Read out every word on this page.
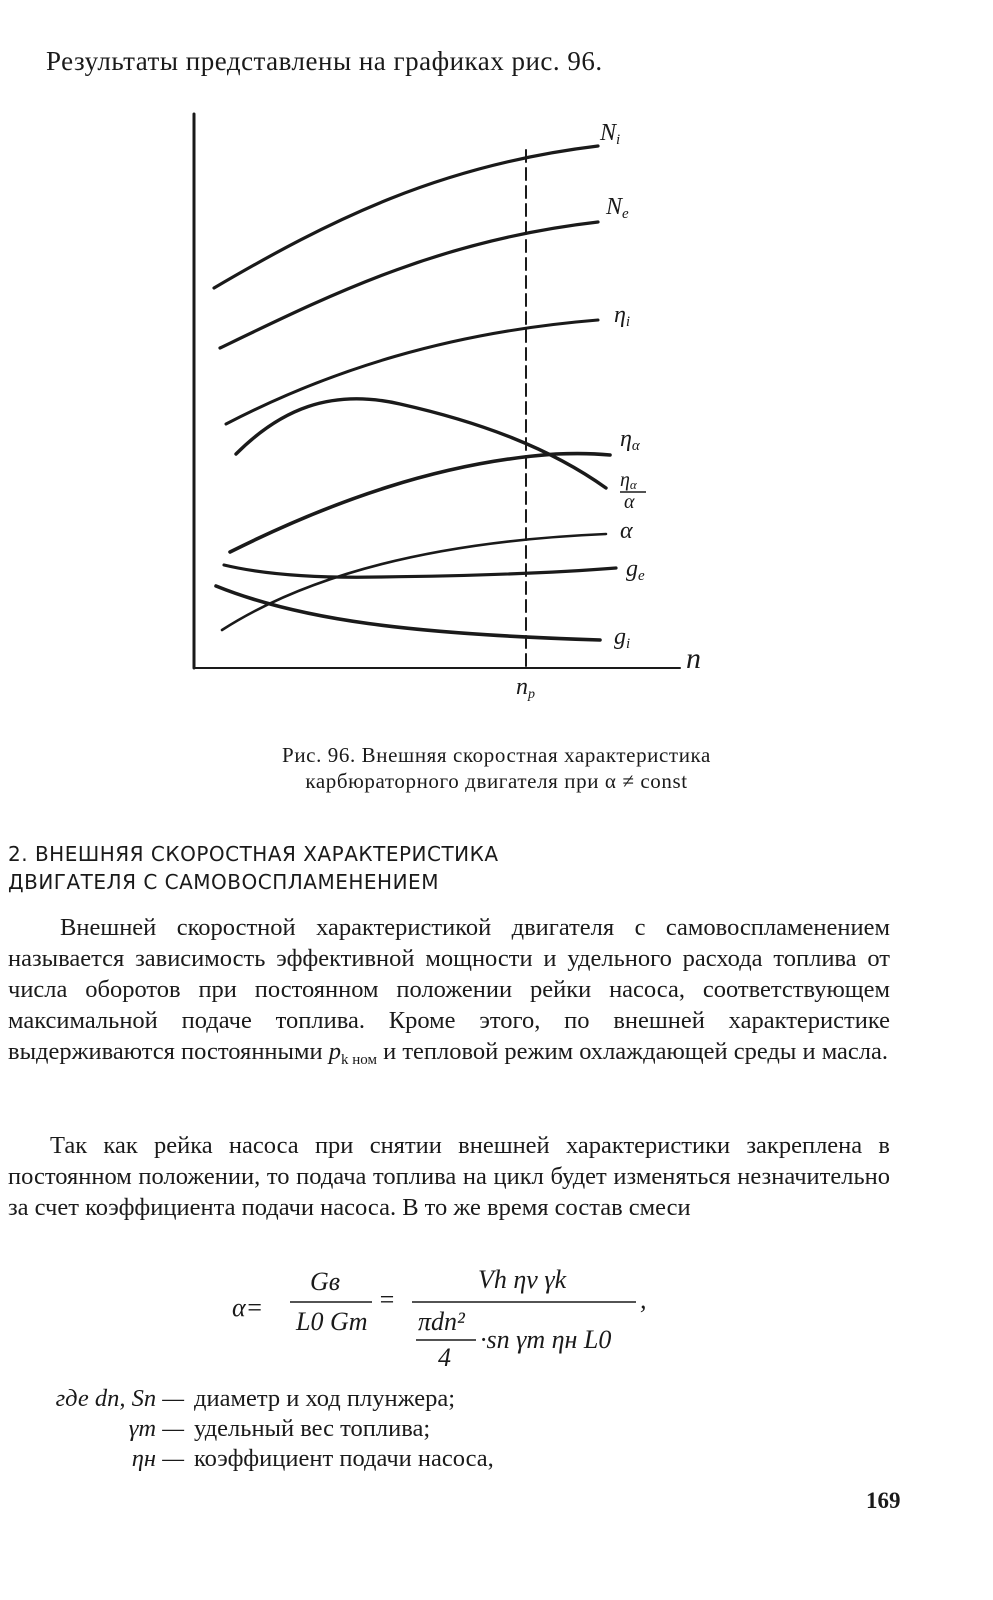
Результаты представлены на графиках рис. 96.
Ni
Ne
ηi
ηα
ηα
α
α
ge
gi n
np
Рис. 96. Внешняя скоростная характеристика
карбюраторного двигателя при α ≠ const
2. ВНЕШНЯЯ СКОРОСТНАЯ ХАРАКТЕРИСТИКА
ДВИГАТЕЛЯ С САМОВОСПЛАМЕНЕНИЕМ

Внешней скоростной характеристикой двигателя с самовоспламенением называется зависимость эффективной мощности и удельного расхода топлива от числа оборотов при постоянном положении рейки насоса, соответствующем максимальной подаче топлива. Кроме этого, по внешней характеристике выдерживаются постоянными $p_{k ном}$ и тепловой режим охлаждающей среды и масла.

Так как рейка насоса при снятии внешней характеристики закреплена в постоянном положении, то подача топлива на цикл будет изменяться незначительно за счет коэффициента подачи насоса. В то же время состав смеси

α=
Gв
L0 Gт
=
Vh ηv γk
πdп²
4
·sп γт ηн L0
,
где dп, Sп — диаметр и ход плунжера;
γт — удельный вес топлива;
ηн — коэффициент подачи насоса,
169
